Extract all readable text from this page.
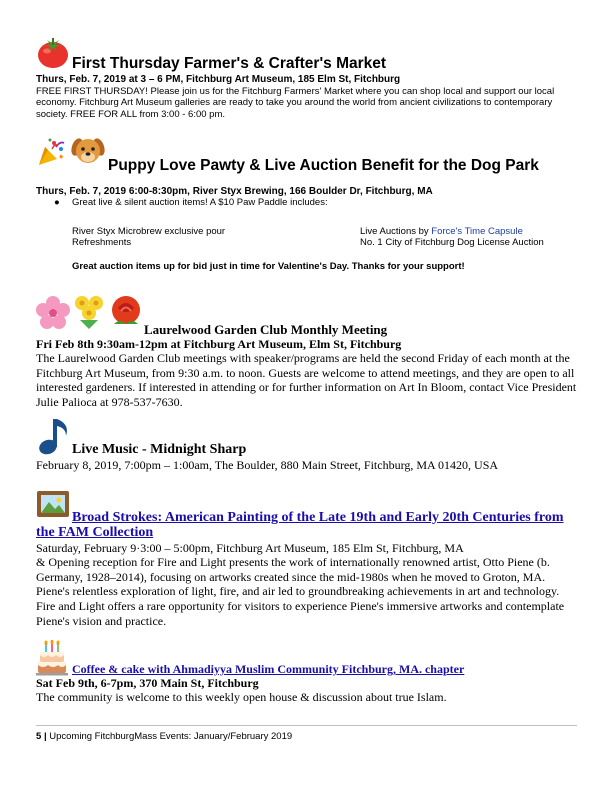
First Thursday Farmer's & Crafter's Market
Thurs, Feb. 7, 2019 at 3 – 6 PM, Fitchburg Art Museum, 185 Elm St, Fitchburg

FREE FIRST THURSDAY! Please join us for the Fitchburg Farmers' Market where you can shop local and support our local economy. Fitchburg Art Museum galleries are ready to take you around the world from ancient civilizations to contemporary society. FREE FOR ALL from 3:00 - 6:00 pm.

Puppy Love Pawty & Live Auction Benefit for the Dog Park
Thurs, Feb. 7, 2019 6:00-8:30pm, River Styx Brewing, 166 Boulder Dr, Fitchburg, MA
● Great live & silent auction items! A $10 Paw Paddle includes:
River Styx Microbrew exclusive pour
Refreshments
Live Auctions by Force's Time Capsule
No. 1 City of Fitchburg Dog License Auction
Great auction items up for bid just in time for Valentine's Day. Thanks for your support!
Laurelwood Garden Club Monthly Meeting
Fri Feb 8th 9:30am-12pm at Fitchburg Art Museum, Elm St, Fitchburg

The Laurelwood Garden Club meetings with speaker/programs are held the second Friday of each month at the Fitchburg Art Museum, from 9:30 a.m. to noon. Guests are welcome to attend meetings, and they are open to all interested gardeners. If interested in attending or for further information on Art In Bloom, contact Vice President Julie Palioca at 978-537-7630.

Live Music - Midnight Sharp
February 8, 2019, 7:00pm – 1:00am, The Boulder, 880 Main Street, Fitchburg, MA 01420, USA
Broad Strokes: American Painting of the Late 19th and Early 20th Centuries from the FAM Collection
Saturday, February 9·3:00 – 5:00pm, Fitchburg Art Museum, 185 Elm St, Fitchburg, MA

& Opening reception for Fire and Light presents the work of internationally renowned artist, Otto Piene (b. Germany, 1928–2014), focusing on artworks created since the mid-1980s when he moved to Groton, MA. Piene's relentless exploration of light, fire, and air led to groundbreaking achievements in art and technology. Fire and Light offers a rare opportunity for visitors to experience Piene's immersive artworks and contemplate Piene's vision and practice.

Coffee & cake with Ahmadiyya Muslim Community Fitchburg, MA. chapter
Sat Feb 9th, 6-7pm, 370 Main St, Fitchburg
The community is welcome to this weekly open house & discussion about true Islam.
5 | Upcoming FitchburgMass Events: January/February 2019
